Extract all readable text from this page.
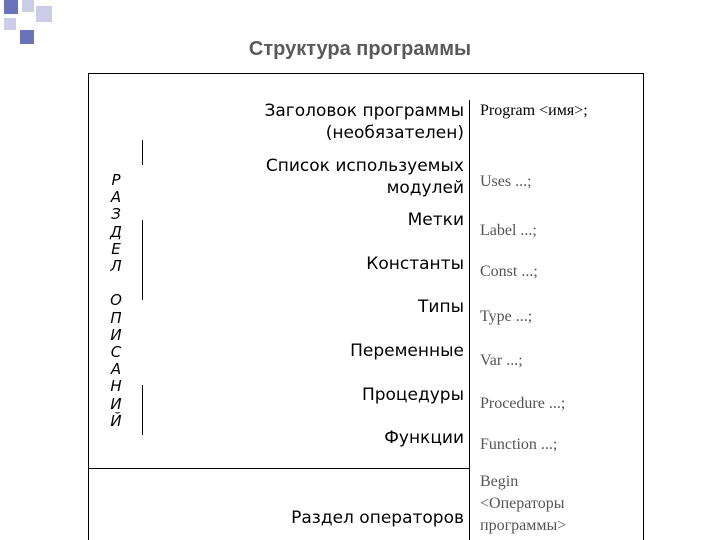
Структура программы
Р
А
З
Д
Е
Л

О
П
И
С
А
Н
И
Й
Заголовок программы
(необязателен)
Список используемых
модулей
Метки
Константы
Типы
Переменные
Процедуры
Функции
Раздел операторов
Program <имя>;
Uses ...;
Label ...;
Const ...;
Type ...;
Var ...;
Procedure ...;
Function ...;
Begin
<Операторы
программы>
